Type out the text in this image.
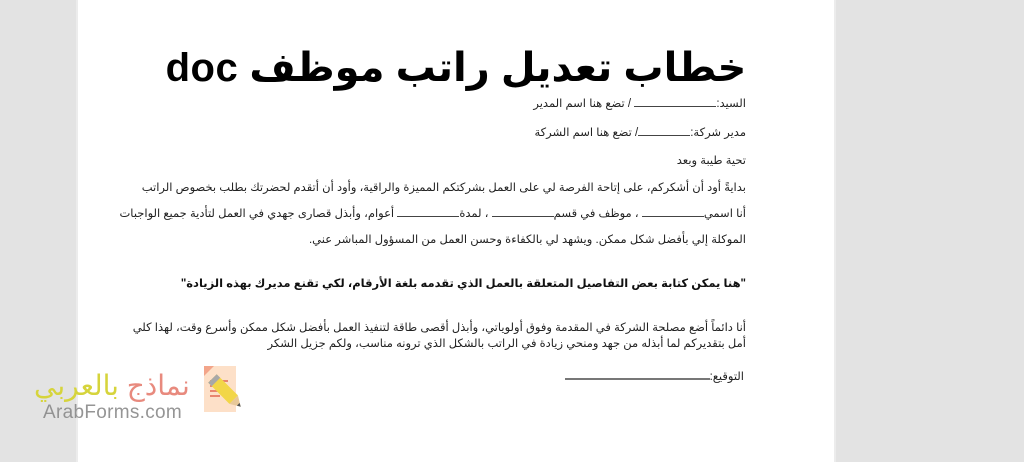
خطاب تعديل راتب موظف doc
السيد: / تضع هنا اسم المدير
مدير شركة:/ تضع هنا اسم الشركة
تحية طيبة وبعد
بدايةً أود أن أشكركم، على إتاحة الفرصة لي على العمل بشركتكم المميزة والراقية، وأود أن أتقدم لحضرتك بطلب بخصوص الراتب
أنا اسمي ، موظف في قسم ، لمدة أعوام، وأبذل قصارى جهدي في العمل لتأدية جميع الواجبات
الموكلة إلي بأفضل شكل ممكن. ويشهد لي بالكفاءة وحسن العمل من المسؤول المباشر عني.
"هنا يمكن كتابة بعض التفاصيل المتعلقة بالعمل الذي تقدمه بلغة الأرقام، لكي تقنع مديرك بهذه الزيادة"
أنا دائماً أضع مصلحة الشركة في المقدمة وفوق أولوياتي، وأبذل أقصى طاقة لتنفيذ العمل بأفضل شكل ممكن وأسرع وقت، لهذا كلي
أمل بتقديركم لما أبذله من جهد ومنحي زيادة في الراتب بالشكل الذي ترونه مناسب، ولكم جزيل الشكر
التوقيع:
نماذج بالعربي
ArabForms.com
